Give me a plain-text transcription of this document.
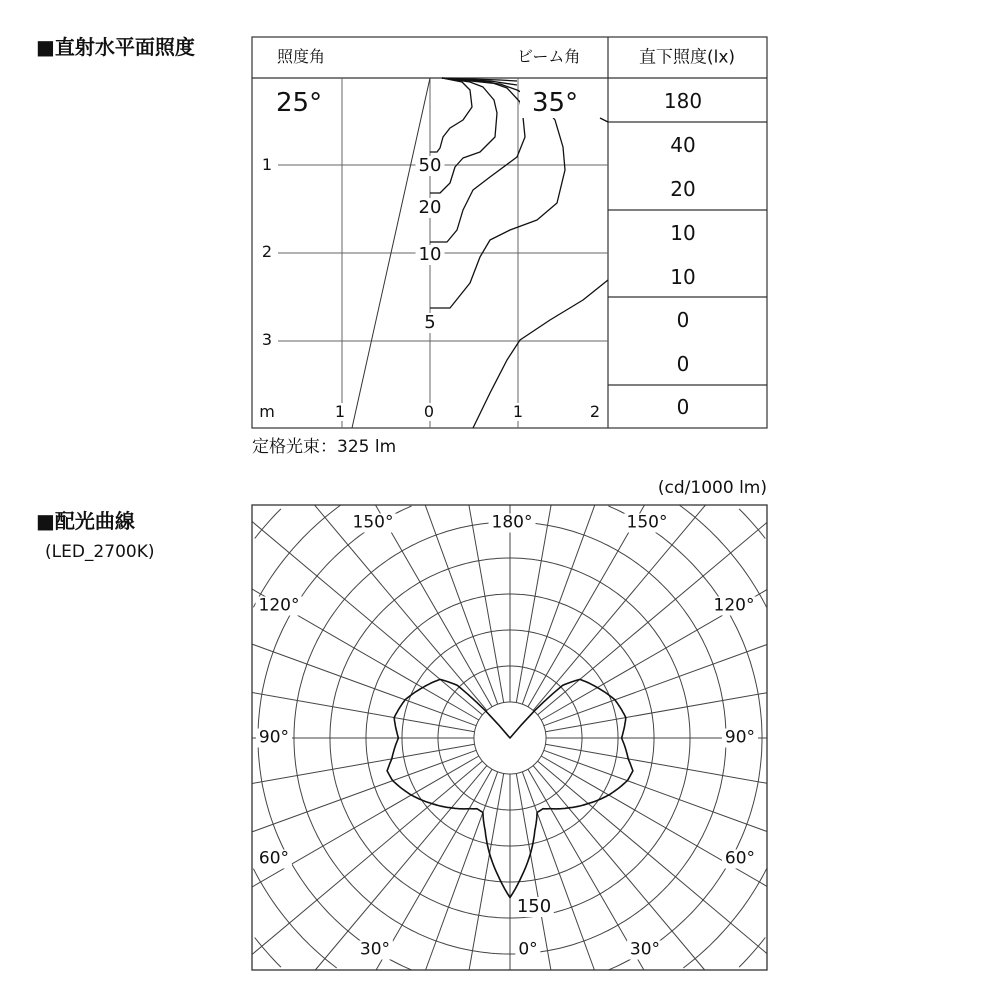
■直射水平面照度	照度角	ビーム角	直下照度(lx)
25°	35°
50
20
10
5
1
2
3
m	1	0	1	2
180
40
20
10
10
0
0
0
定格光束：325 lm
(cd/1000 lm)
■配光曲線
(LED_2700K)
150°	180°	150°
120°	120°
90°	90°
60°	60°
30°	0°	30°
150
